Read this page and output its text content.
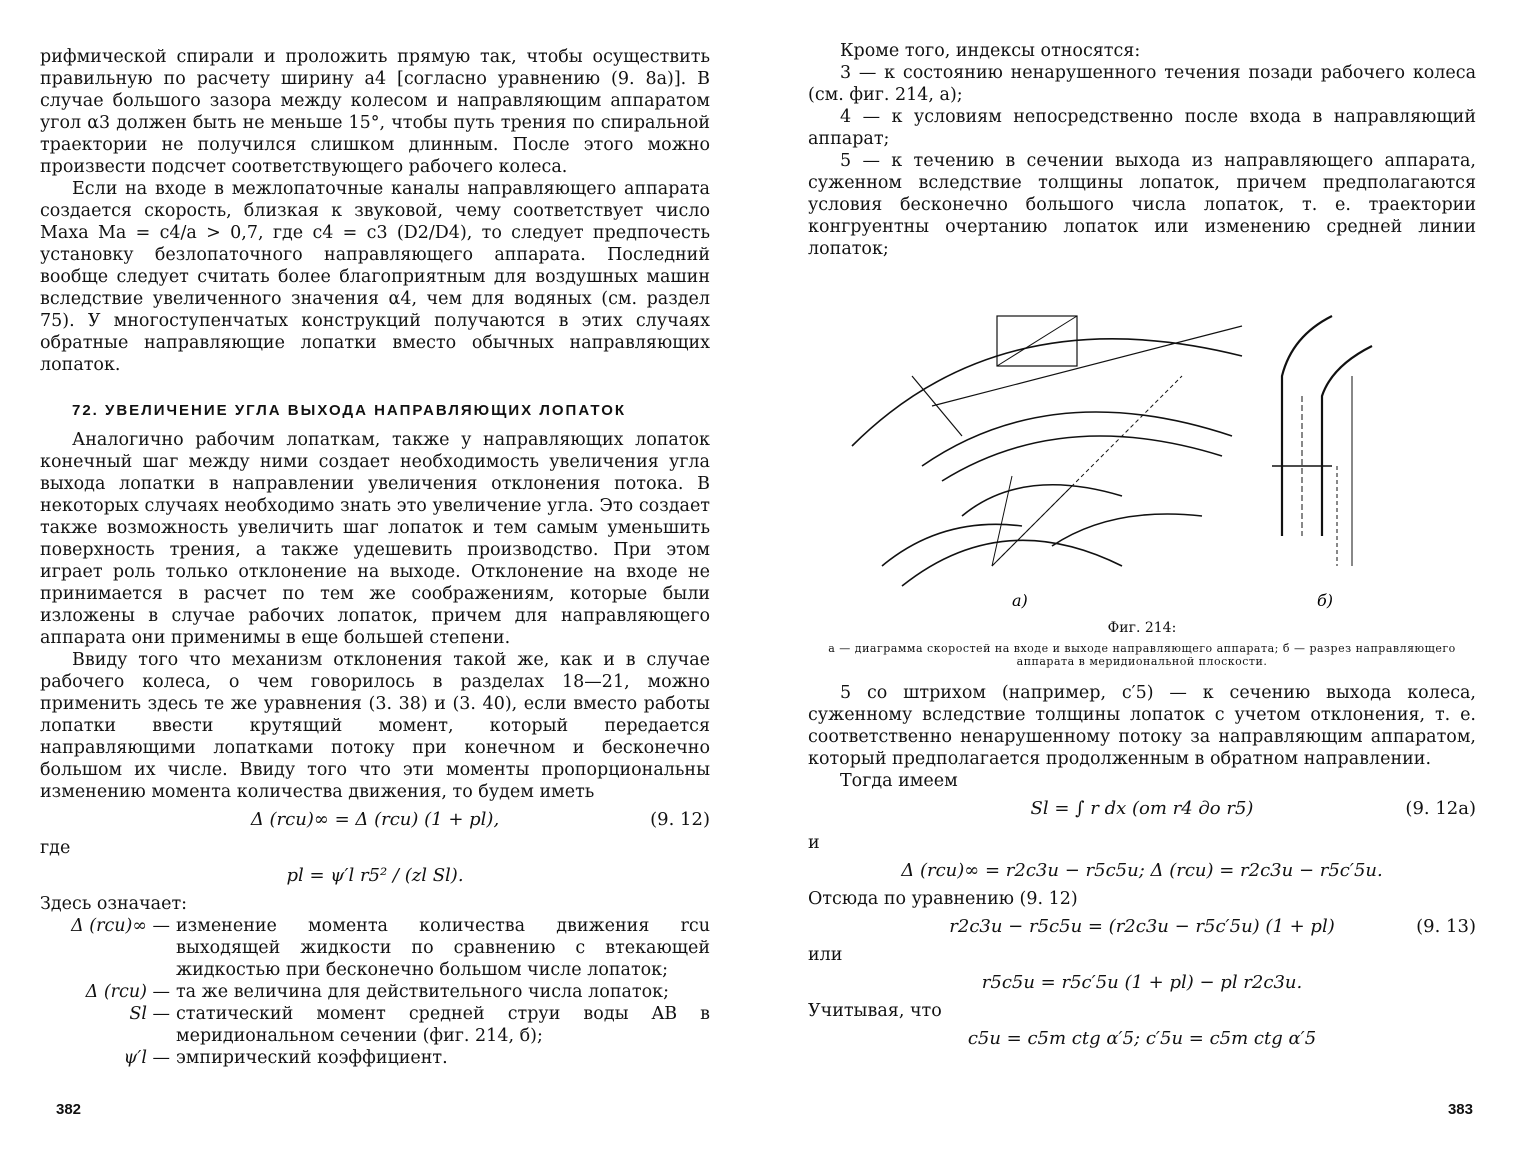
рифмической спирали и проложить прямую так, чтобы осуществить правильную по расчету ширину a4 [согласно уравнению (9. 8a)]. В случае большого зазора между колесом и направляющим аппаратом угол α3 должен быть не меньше 15°, чтобы путь трения по спиральной траектории не получился слишком длинным. После этого можно произвести подсчет соответствующего рабочего колеса.

Если на входе в межлопаточные каналы направляющего аппарата создается скорость, близкая к звуковой, чему соответствует число Маха Ma = c4/a > 0,7, где c4 = c3 (D2/D4), то следует предпочесть установку безлопаточного направляющего аппарата. Последний вообще следует считать более благоприятным для воздушных машин вследствие увеличенного значения α4, чем для водяных (см. раздел 75). У многоступенчатых конструкций получаются в этих случаях обратные направляющие лопатки вместо обычных направляющих лопаток.

72. УВЕЛИЧЕНИЕ УГЛА ВЫХОДА НАПРАВЛЯЮЩИХ ЛОПАТОК

Аналогично рабочим лопаткам, также у направляющих лопаток конечный шаг между ними создает необходимость увеличения угла выхода лопатки в направлении увеличения отклонения потока. В некоторых случаях необходимо знать это увеличение угла. Это создает также возможность увеличить шаг лопаток и тем самым уменьшить поверхность трения, а также удешевить производство. При этом играет роль только отклонение на выходе. Отклонение на входе не принимается в расчет по тем же соображениям, которые были изложены в случае рабочих лопаток, причем для направляющего аппарата они применимы в еще большей степени.

Ввиду того что механизм отклонения такой же, как и в случае рабочего колеса, о чем говорилось в разделах 18—21, можно применить здесь те же уравнения (3. 38) и (3. 40), если вместо работы лопатки ввести крутящий момент, который передается направляющими лопатками потоку при конечном и бесконечно большом их числе. Ввиду того что эти моменты пропорциональны изменению момента количества движения, то будем иметь

Δ (rcu)∞ = Δ (rcu) (1 + pl),	(9. 12)

где

pl = ψ′l r5² / (zl Sl).

Здесь означает:

Δ (rcu)∞ — изменение момента количества движения rcu выходящей жидкости по сравнению с втекающей жидкостью при бесконечно большом числе лопаток;
Δ (rcu) — та же величина для действительного числа лопаток;
Sl — статический момент средней струи воды AB в меридиональном сечении (фиг. 214, б);
ψ′l — эмпирический коэффициент.
382

Кроме того, индексы относятся:

3 — к состоянию ненарушенного течения позади рабочего колеса (см. фиг. 214, a);

4 — к условиям непосредственно после входа в направляющий аппарат;

5 — к течению в сечении выхода из направляющего аппарата, суженном вследствие толщины лопаток, причем предполагаются условия бесконечно большого числа лопаток, т. е. траектории конгруентны очертанию лопаток или изменению средней линии лопаток;

a)	б)
Фиг. 214:
a — диаграмма скоростей на входе и выходе направляющего аппарата; б — разрез направляющего аппарата в меридиональной плоскости.

5 со штрихом (например, c′5) — к сечению выхода колеса, суженному вследствие толщины лопаток с учетом отклонения, т. е. соответственно ненарушенному потоку за направляющим аппаратом, который предполагается продолженным в обратном направлении.

Тогда имеем

Sl = ∫ r dx (от r4 до r5)	(9. 12a)

и

Δ (rcu)∞ = r2c3u − r5c5u; Δ (rcu) = r2c3u − r5c′5u.

Отсюда по уравнению (9. 12)

r2c3u − r5c5u = (r2c3u − r5c′5u) (1 + pl)	(9. 13)

или

r5c5u = r5c′5u (1 + pl) − pl r2c3u.

Учитывая, что

c5u = c5m ctg α′5; c′5u = c5m ctg α′5
383
